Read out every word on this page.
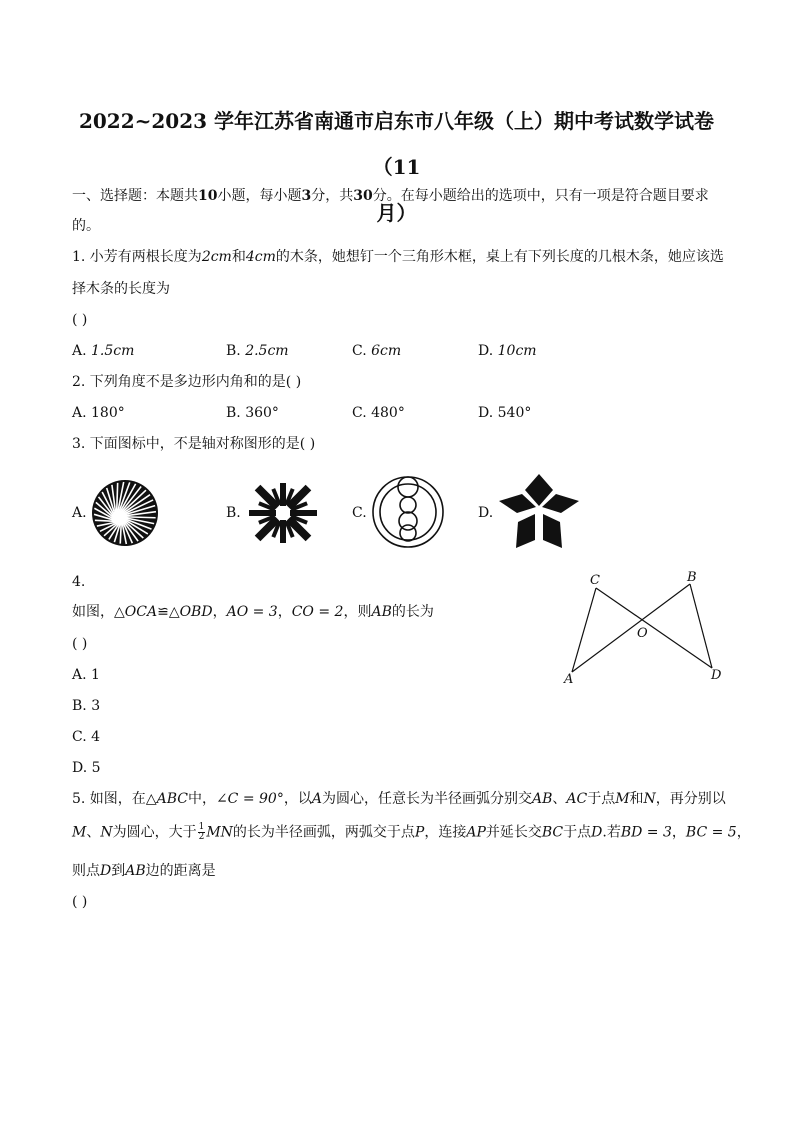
2022~2023 学年江苏省南通市启东市八年级（上）期中考试数学试卷（11
月）
一、选择题：本题共10小题，每小题3分，共30分。在每小题给出的选项中，只有一项是符合题目要求
的。
1. 小芳有两根长度为2cm和4cm的木条，她想钉一个三角形木框，桌上有下列长度的几根木条，她应该选
择木条的长度为
( )
A. 1.5cm	B. 2.5cm	C. 6cm	D. 10cm
2. 下列角度不是多边形内角和的是( )
A. 180°	B. 360°	C. 480°	D. 540°
3. 下面图标中，不是轴对称图形的是( )
A.	B.	C.	D.
4.
如图，△OCA≌△OBD，AO = 3，CO = 2，则AB的长为
( )
A. 1
B. 3
C. 4
D. 5
C	B
O
A	D
5. 如图，在△ABC中，∠C = 90°，以A为圆心，任意长为半径画弧分别交AB、AC于点M和N，再分别以
M、N为圆心，大于 $\frac{1}{2}$ MN的长为半径画弧，两弧交于点P，连接AP并延长交BC于点D.若BD = 3，BC = 5，
则点D到AB边的距离是
( )
